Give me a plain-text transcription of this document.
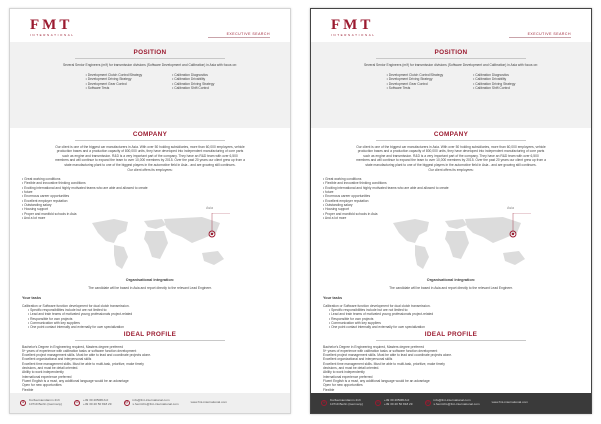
FMT
INTERNATIONAL	EXECUTIVE SEARCH
POSITION
Several Senior Engineers (m/f) for transmission divisions (Software Development and Calibration) in Asia with focus on:
• Development Clutch Control/Strategy
• Development Driving Strategy
• Development Gear Control
• Software Tests
• Calibration Diagnostics
• Calibration Drivability
• Calibration Driving Strategy
• Calibration Shift Control
COMPANY
Our client is one of the biggest car manufacturers in Asia. With over 50 holding subsidiaries, more than 60,000 employees, vehicle
production bases and a production capacity of 800,000 units, they have developed into independent manufacturing of core parts
such as engine and transmission. R&D is a very important part of the company. They have an R&D team with over 6,500
members and will continue to expand the team to over 10,000 members by 2015. Over the past 20 years our client grew up from a
state manufacturing plant to one of the biggest players in the automotive field in Asia - and are growing still continues.
Our client offers its employees:
• Great working conditions
• Flexible and innovative thinking conditions
• Exciting international and highly motivated teams who are able and allowed to create
• future
• Enormous career opportunities
• Excellent employer reputation
• Outstanding salary
• Housing support
• Proper and manifold schools in Asia
• And a lot more
Asia
Organisational integration:
The candidate will be based in Asia and report directly to the relevant Lead Engineer.
Your tasks
Calibration or Software function development for dual clutch transmission.
• Specific responsibilities include but are not limited to:
• Lead and train teams of motivated young professionals project-related
• Responsible for own projects
• Communication with key suppliers
• One point contact internally and externally for own specialization
IDEAL PROFILE
Bachelor's Degree in Engineering required, Masters degree preferred
5+ years of experience with calibration tasks or software function development
Excellent project management skills. Must be able to lead and coordinate projects alone.
Excellent organizational and interpersonal skills
Excellent time management skills. Must be able to multi-task, prioritize, make timely
decisions, and must be detail oriented.
Ability to work independently
International experience preferred
Fluent English is a must, any additional language would be an advantage
Open for new opportunities
Flexible
●
Kurfuerstendamm 213
10719 Berlin (Germany)	☏
+49 30 4050813-0
+49 30 40 50 818 29	@
info@fmt-international.com
s.henrichs@fmt-international.com	www.fmt-international.com
FMT
INTERNATIONAL	EXECUTIVE SEARCH
POSITION
Several Senior Engineers (m/f) for transmission divisions (Software Development and Calibration) in Asia with focus on:
• Development Clutch Control/Strategy
• Development Driving Strategy
• Development Gear Control
• Software Tests
• Calibration Diagnostics
• Calibration Drivability
• Calibration Driving Strategy
• Calibration Shift Control
COMPANY
Our client is one of the biggest car manufacturers in Asia. With over 50 holding subsidiaries, more than 60,000 employees, vehicle
production bases and a production capacity of 800,000 units, they have developed into independent manufacturing of core parts
such as engine and transmission. R&D is a very important part of the company. They have an R&D team with over 6,500
members and will continue to expand the team to over 10,000 members by 2015. Over the past 20 years our client grew up from a
state manufacturing plant to one of the biggest players in the automotive field in Asia - and are growing still continues.
Our client offers its employees:
• Great working conditions
• Flexible and innovative thinking conditions
• Exciting international and highly motivated teams who are able and allowed to create
• future
• Enormous career opportunities
• Excellent employer reputation
• Outstanding salary
• Housing support
• Proper and manifold schools in Asia
• And a lot more
Asia
Organisational integration:
The candidate will be based in Asia and report directly to the relevant Lead Engineer.
Your tasks
Calibration or Software function development for dual clutch transmission.
• Specific responsibilities include but are not limited to:
• Lead and train teams of motivated young professionals project-related
• Responsible for own projects
• Communication with key suppliers
• One point contact internally and externally for own specialization
IDEAL PROFILE
Bachelor's Degree in Engineering required, Masters degree preferred
5+ years of experience with calibration tasks or software function development
Excellent project management skills. Must be able to lead and coordinate projects alone.
Excellent organizational and interpersonal skills
Excellent time management skills. Must be able to multi-task, prioritize, make timely
decisions, and must be detail oriented.
Ability to work independently
International experience preferred
Fluent English is a must, any additional language would be an advantage
Open for new opportunities
Flexible
●
Kurfuerstendamm 213
10719 Berlin (Germany)	☏
+49 30 4050813-0
+49 30 40 50 818 29	@
info@fmt-international.com
s.henrichs@fmt-international.com	www.fmt-international.com
